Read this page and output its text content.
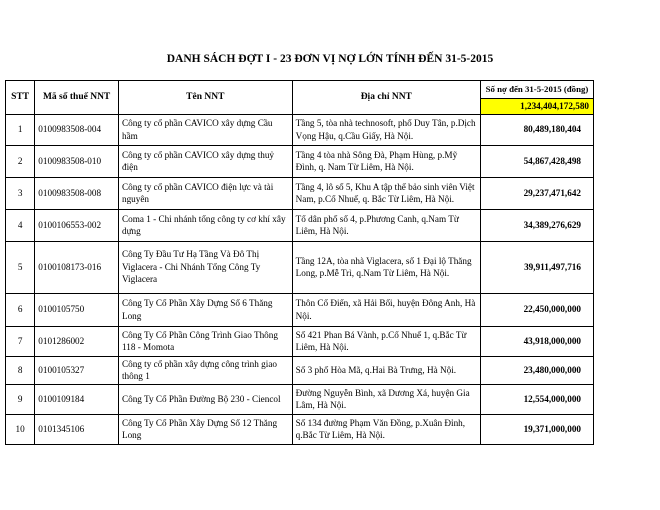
DANH SÁCH ĐỢT I - 23 ĐƠN VỊ NỢ LỚN TÍNH ĐẾN 31-5-2015
STT	Mã số thuế NNT	Tên NNT	Địa chỉ NNT	Số nợ đến 31-5-2015 (đồng)
				1,234,404,172,580
1	0100983508-004	Công ty cổ phần CAVICO xây dựng Cầu hầm	Tầng 5, tòa nhà technosoft, phố Duy Tân, p.Dịch Vọng Hậu, q.Cầu Giấy, Hà Nội.	80,489,180,404
2	0100983508-010	Công ty cổ phần CAVICO xây dựng thuỷ điện	Tầng 4 tòa nhà Sông Đà, Phạm Hùng, p.Mỹ Đình, q. Nam Từ Liêm, Hà Nội.	54,867,428,498
3	0100983508-008	Công ty cổ phần CAVICO điện lực và tài nguyên	Tầng 4, lô số 5, Khu A tập thể bảo sinh viên Việt Nam, p.Cổ Nhuế, q. Bắc Từ Liêm, Hà Nội.	29,237,471,642
4	0100106553-002	Coma 1 - Chi nhánh tổng công ty cơ khí xây dựng	Tổ dân phố số 4, p.Phương Canh, q.Nam Từ Liêm, Hà Nội.	34,389,276,629
5	0100108173-016	Công Ty Đầu Tư Hạ Tầng Và Đô Thị Viglacera - Chi Nhánh Tổng Công Ty Viglacera	Tầng 12A, tòa nhà Viglacera, số 1 Đại lộ Thăng Long, p.Mễ Trì, q.Nam Từ Liêm, Hà Nội.	39,911,497,716
6	0100105750	Công Ty Cổ Phần Xây Dựng Số 6 Thăng Long	Thôn Cổ Điển, xã Hải Bối, huyện Đông Anh, Hà Nội.	22,450,000,000
7	0101286002	Công Ty Cổ Phần Công Trình Giao Thông 118 - Momota	Số 421 Phan Bá Vành, p.Cổ Nhuế 1, q.Bắc Từ Liêm, Hà Nội.	43,918,000,000
8	0100105327	Công ty cổ phần xây dựng công trình giao thông 1	Số 3 phố Hòa Mã, q.Hai Bà Trưng, Hà Nội.	23,480,000,000
9	0100109184	Công Ty Cổ Phần Đường Bộ 230 - Ciencol	Đường Nguyễn Bình, xã Dương Xá, huyện Gia Lâm, Hà Nội.	12,554,000,000
10	0101345106	Công Ty Cổ Phần Xây Dựng Số 12 Thăng Long	Số 134 đường Phạm Văn Đồng, p.Xuân Đỉnh, q.Bắc Từ Liêm, Hà Nội.	19,371,000,000
